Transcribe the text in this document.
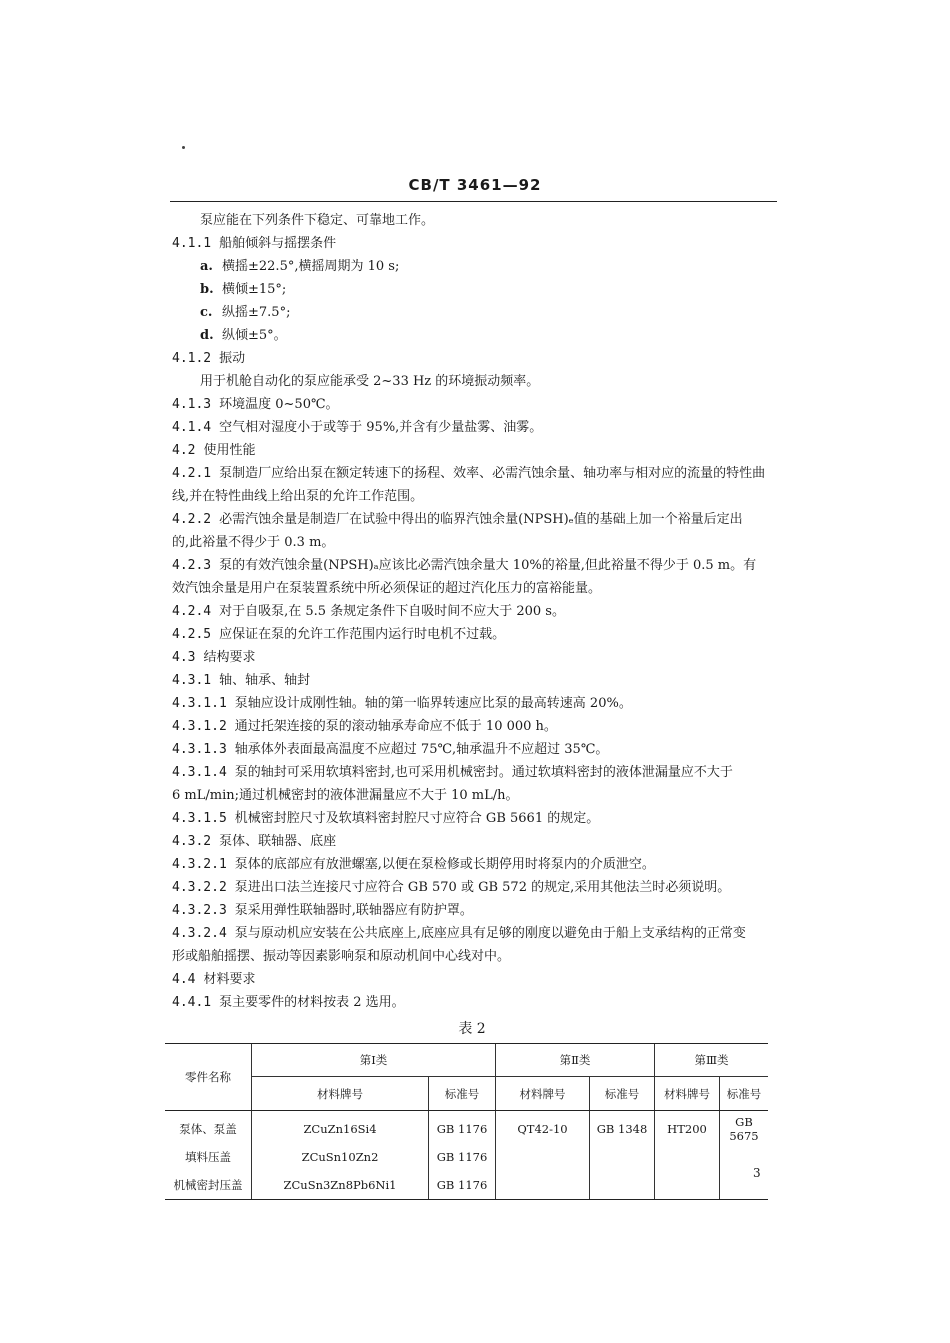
CB/T 3461—92
泵应能在下列条件下稳定、可靠地工作。
4.1.1 船舶倾斜与摇摆条件
a. 横摇±22.5°,横摇周期为 10 s;
b. 横倾±15°;
c. 纵摇±7.5°;
d. 纵倾±5°。
4.1.2 振动
用于机舱自动化的泵应能承受 2~33 Hz 的环境振动频率。
4.1.3 环境温度 0~50℃。
4.1.4 空气相对湿度小于或等于 95%,并含有少量盐雾、油雾。
4.2 使用性能
4.2.1 泵制造厂应给出泵在额定转速下的扬程、效率、必需汽蚀余量、轴功率与相对应的流量的特性曲
线,并在特性曲线上给出泵的允许工作范围。
4.2.2 必需汽蚀余量是制造厂在试验中得出的临界汽蚀余量(NPSH)ₑ值的基础上加一个裕量后定出
的,此裕量不得少于 0.3 m。
4.2.3 泵的有效汽蚀余量(NPSH)ₐ应该比必需汽蚀余量大 10%的裕量,但此裕量不得少于 0.5 m。有
效汽蚀余量是用户在泵装置系统中所必须保证的超过汽化压力的富裕能量。
4.2.4 对于自吸泵,在 5.5 条规定条件下自吸时间不应大于 200 s。
4.2.5 应保证在泵的允许工作范围内运行时电机不过载。
4.3 结构要求
4.3.1 轴、轴承、轴封
4.3.1.1 泵轴应设计成刚性轴。轴的第一临界转速应比泵的最高转速高 20%。
4.3.1.2 通过托架连接的泵的滚动轴承寿命应不低于 10 000 h。
4.3.1.3 轴承体外表面最高温度不应超过 75℃,轴承温升不应超过 35℃。
4.3.1.4 泵的轴封可采用软填料密封,也可采用机械密封。通过软填料密封的液体泄漏量应不大于
6 mL/min;通过机械密封的液体泄漏量应不大于 10 mL/h。
4.3.1.5 机械密封腔尺寸及软填料密封腔尺寸应符合 GB 5661 的规定。
4.3.2 泵体、联轴器、底座
4.3.2.1 泵体的底部应有放泄螺塞,以便在泵检修或长期停用时将泵内的介质泄空。
4.3.2.2 泵进出口法兰连接尺寸应符合 GB 570 或 GB 572 的规定,采用其他法兰时必须说明。
4.3.2.3 泵采用弹性联轴器时,联轴器应有防护罩。
4.3.2.4 泵与原动机应安装在公共底座上,底座应具有足够的刚度以避免由于船上支承结构的正常变
形或船舶摇摆、振动等因素影响泵和原动机间中心线对中。
4.4 材料要求
4.4.1 泵主要零件的材料按表 2 选用。
表 2
零件名称	第Ⅰ类		第Ⅱ类		第Ⅲ类	
	材料牌号	标准号	材料牌号	标准号	材料牌号	标准号
泵体、泵盖	ZCuZn16Si4	GB 1176	QT42-10	GB 1348	HT200	GB 5675
填料压盖	ZCuSn10Zn2	GB 1176				
机械密封压盖	ZCuSn3Zn8Pb6Ni1	GB 1176				
3
